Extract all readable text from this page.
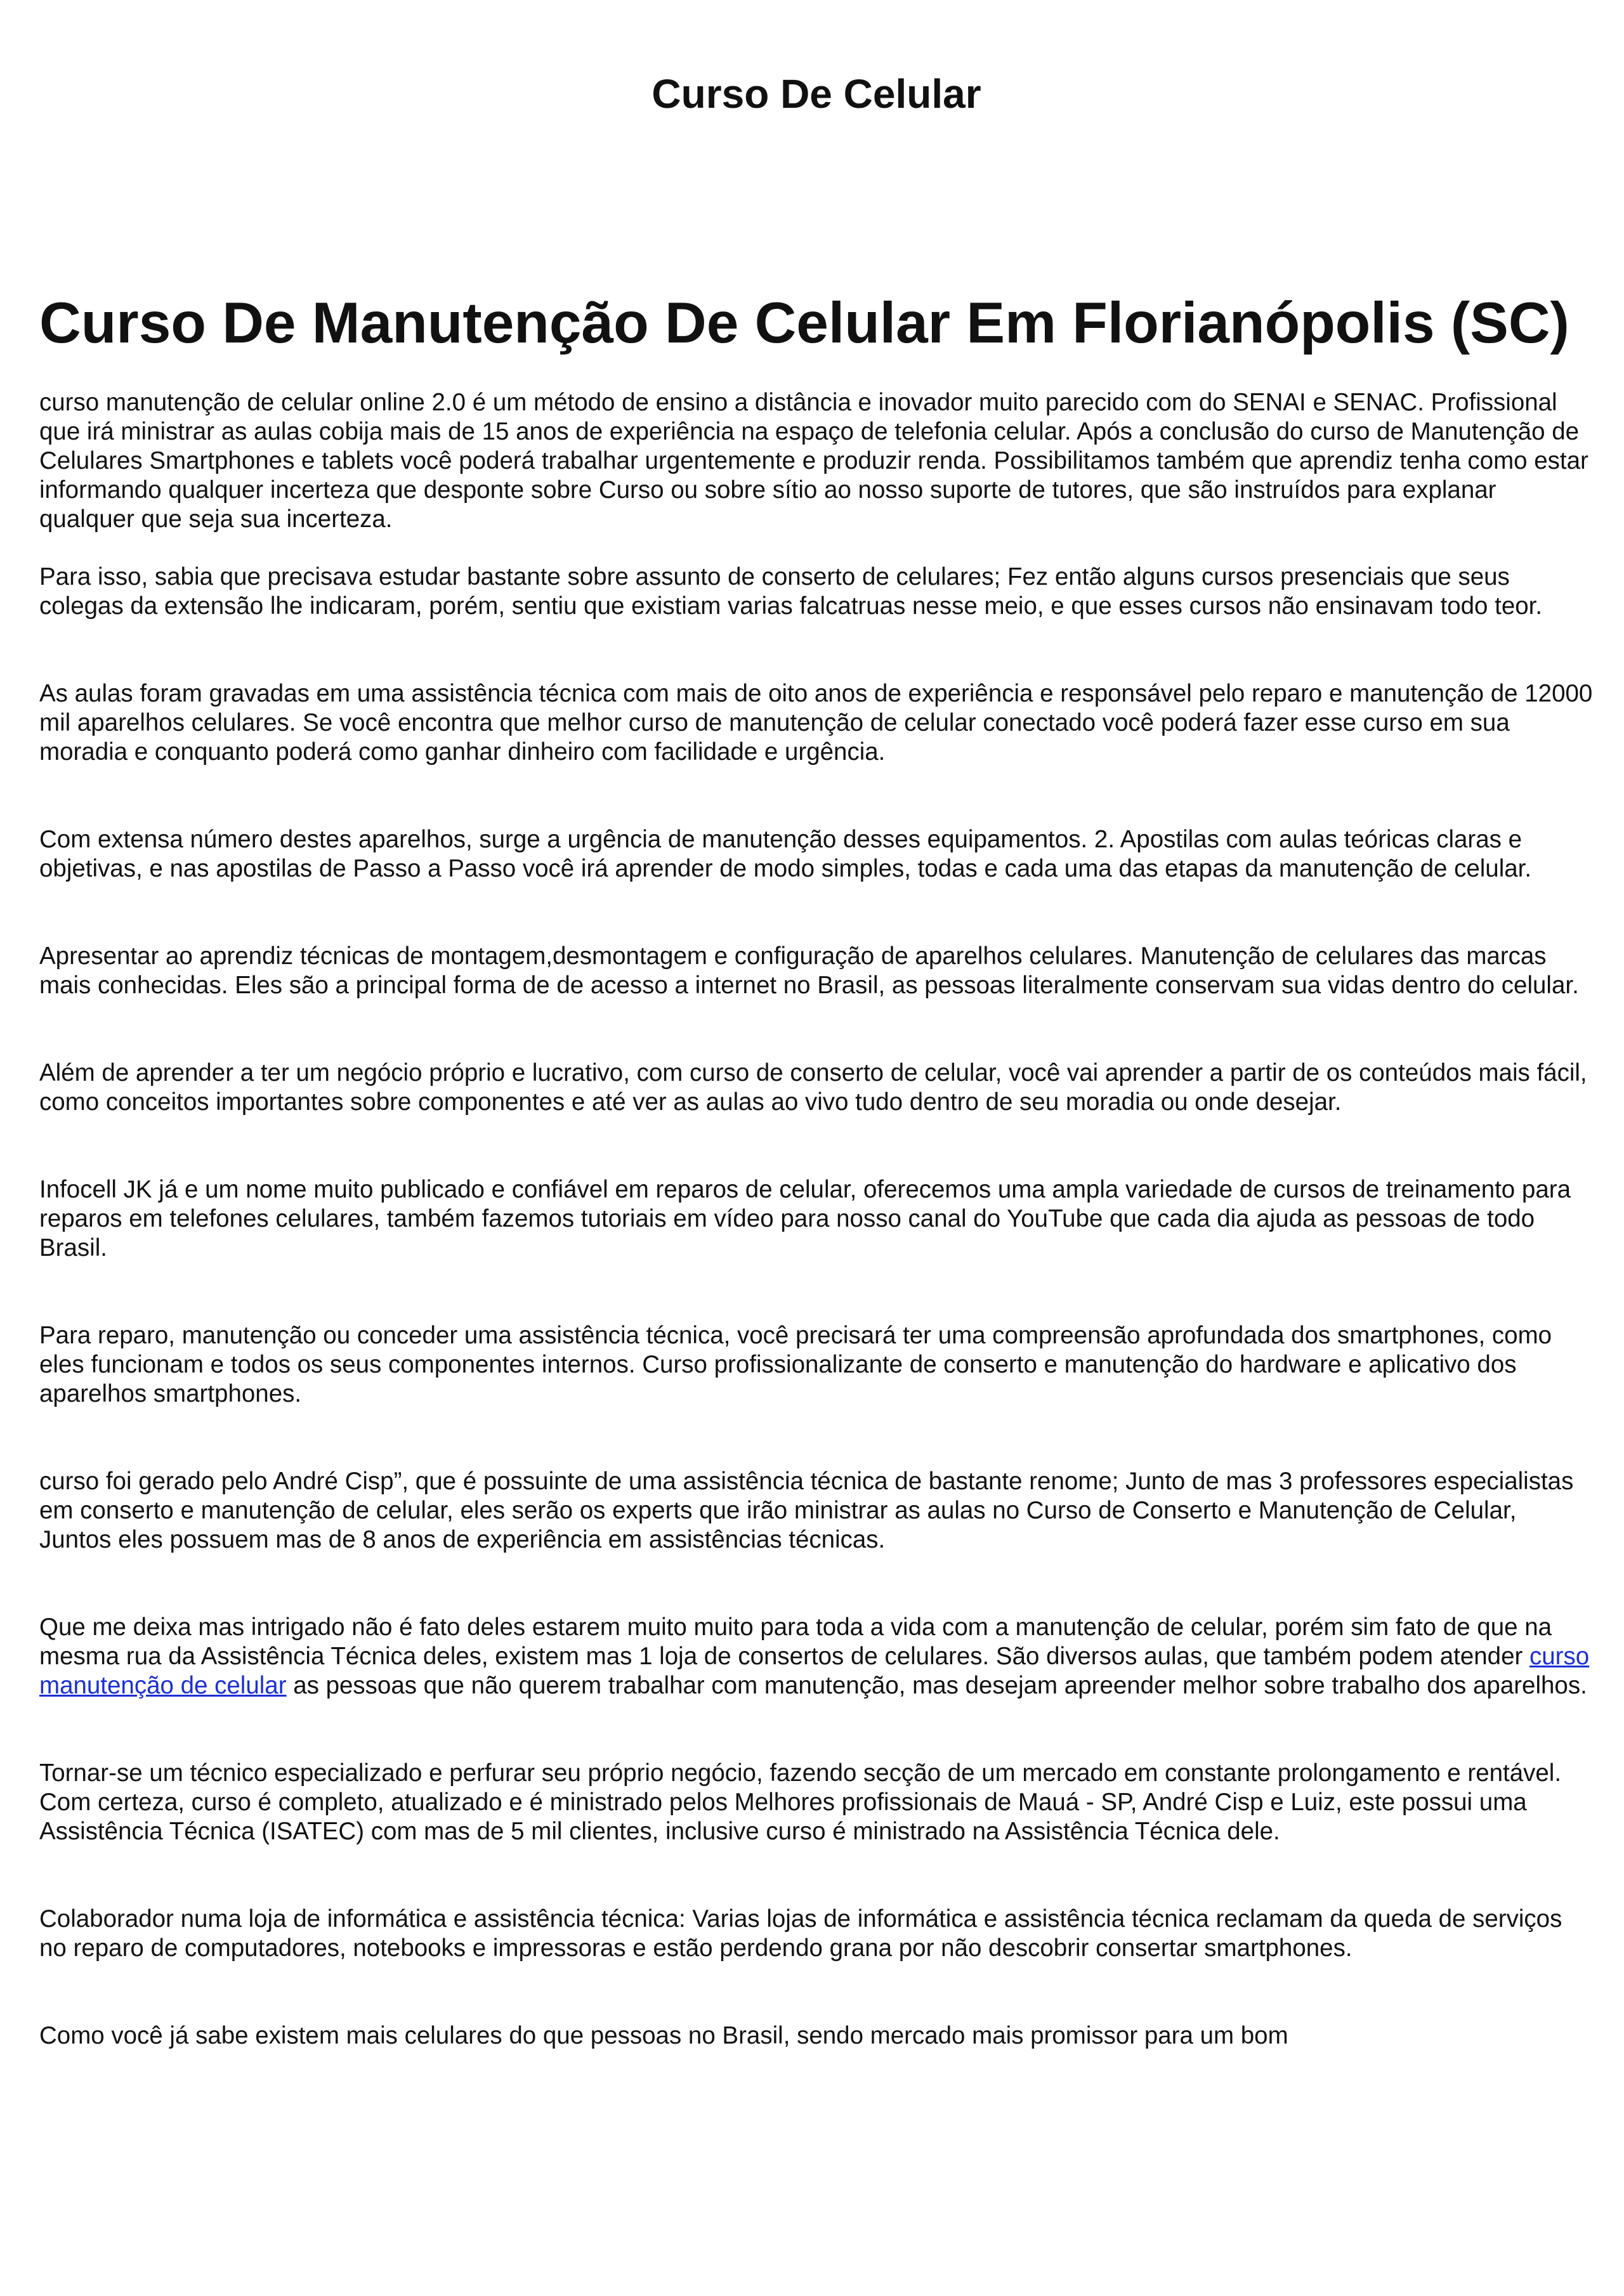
Curso De Celular
Curso De Manutenção De Celular Em Florianópolis (SC)

curso manutenção de celular online 2.0 é um método de ensino a distância e inovador muito parecido com do SENAI e SENAC. Profissional que irá ministrar as aulas cobija mais de 15 anos de experiência na espaço de telefonia celular. Após a conclusão do curso de Manutenção de Celulares Smartphones e tablets você poderá trabalhar urgentemente e produzir renda. Possibilitamos também que aprendiz tenha como estar informando qualquer incerteza que desponte sobre Curso ou sobre sítio ao nosso suporte de tutores, que são instruídos para explanar qualquer que seja sua incerteza.

Para isso, sabia que precisava estudar bastante sobre assunto de conserto de celulares; Fez então alguns cursos presenciais que seus colegas da extensão lhe indicaram, porém, sentiu que existiam varias falcatruas nesse meio, e que esses cursos não ensinavam todo teor.

As aulas foram gravadas em uma assistência técnica com mais de oito anos de experiência e responsável pelo reparo e manutenção de 12000 mil aparelhos celulares. Se você encontra que melhor curso de manutenção de celular conectado você poderá fazer esse curso em sua moradia e conquanto poderá como ganhar dinheiro com facilidade e urgência.

Com extensa número destes aparelhos, surge a urgência de manutenção desses equipamentos. 2. Apostilas com aulas teóricas claras e objetivas, e nas apostilas de Passo a Passo você irá aprender de modo simples, todas e cada uma das etapas da manutenção de celular.

Apresentar ao aprendiz técnicas de montagem,desmontagem e configuração de aparelhos celulares. Manutenção de celulares das marcas mais conhecidas. Eles são a principal forma de de acesso a internet no Brasil, as pessoas literalmente conservam sua vidas dentro do celular.

Além de aprender a ter um negócio próprio e lucrativo, com curso de conserto de celular, você vai aprender a partir de os conteúdos mais fácil, como conceitos importantes sobre componentes e até ver as aulas ao vivo tudo dentro de seu moradia ou onde desejar.

Infocell JK já e um nome muito publicado e confiável em reparos de celular, oferecemos uma ampla variedade de cursos de treinamento para reparos em telefones celulares, também fazemos tutoriais em vídeo para nosso canal do YouTube que cada dia ajuda as pessoas de todo Brasil.

Para reparo, manutenção ou conceder uma assistência técnica, você precisará ter uma compreensão aprofundada dos smartphones, como eles funcionam e todos os seus componentes internos. Curso profissionalizante de conserto e manutenção do hardware e aplicativo dos aparelhos smartphones.

curso foi gerado pelo André Cisp”, que é possuinte de uma assistência técnica de bastante renome; Junto de mas 3 professores especialistas em conserto e manutenção de celular, eles serão os experts que irão ministrar as aulas no Curso de Conserto e Manutenção de Celular, Juntos eles possuem mas de 8 anos de experiência em assistências técnicas.

Que me deixa mas intrigado não é fato deles estarem muito muito para toda a vida com a manutenção de celular, porém sim fato de que na mesma rua da Assistência Técnica deles, existem mas 1 loja de consertos de celulares. São diversos aulas, que também podem atender curso manutenção de celular as pessoas que não querem trabalhar com manutenção, mas desejam apreender melhor sobre trabalho dos aparelhos.

Tornar-se um técnico especializado e perfurar seu próprio negócio, fazendo secção de um mercado em constante prolongamento e rentável. Com certeza, curso é completo, atualizado e é ministrado pelos Melhores profissionais de Mauá - SP, André Cisp e Luiz, este possui uma Assistência Técnica (ISATEC) com mas de 5 mil clientes, inclusive curso é ministrado na Assistência Técnica dele.

Colaborador numa loja de informática e assistência técnica: Varias lojas de informática e assistência técnica reclamam da queda de serviços no reparo de computadores, notebooks e impressoras e estão perdendo grana por não descobrir consertar smartphones.

Como você já sabe existem mais celulares do que pessoas no Brasil, sendo mercado mais promissor para um bom
